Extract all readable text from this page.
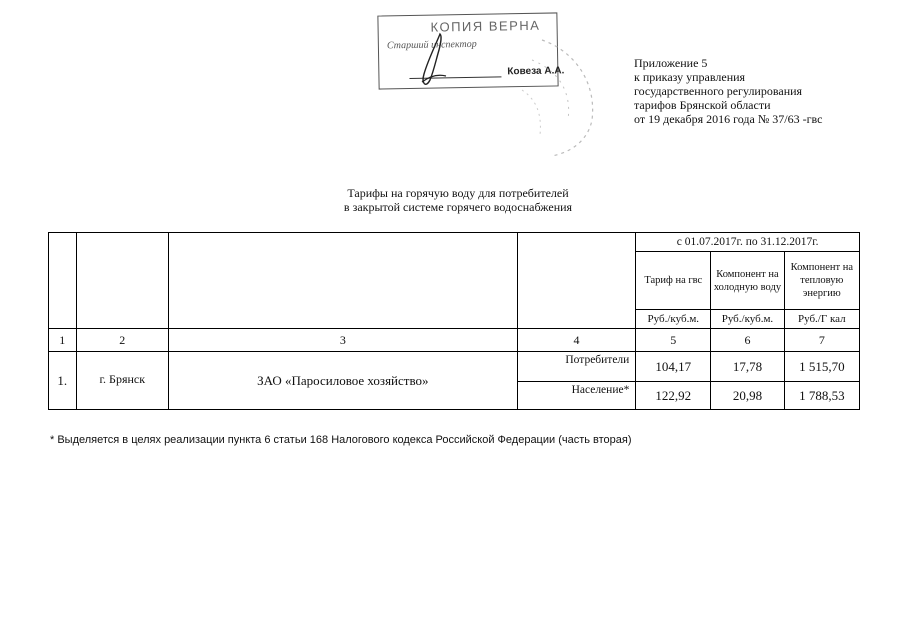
КОПИЯ ВЕРНА
Старший инспектор
Ковеза А.А.
Приложение 5
к приказу управления
государственного регулирования
тарифов Брянской области
от 19 декабря 2016 года № 37/63 -гвс
Тарифы на горячую воду для потребителей
в закрытой системе горячего водоснабжения
				с 01.07.2017г. по 31.12.2017г.		
				Тариф на гвс	Компонент на холодную воду	Компонент на тепловую энергию
				Руб./куб.м.	Руб./куб.м.	Руб./Г кал
1	2	3	4	5	6	7
1.	г. Брянск	ЗАО «Паросиловое хозяйство»	Потребители	104,17	17,78	1 515,70
			Население*	122,92	20,98	1 788,53
* Выделяется в целях реализации пункта 6 статьи 168 Налогового кодекса Российской Федерации (часть вторая)
